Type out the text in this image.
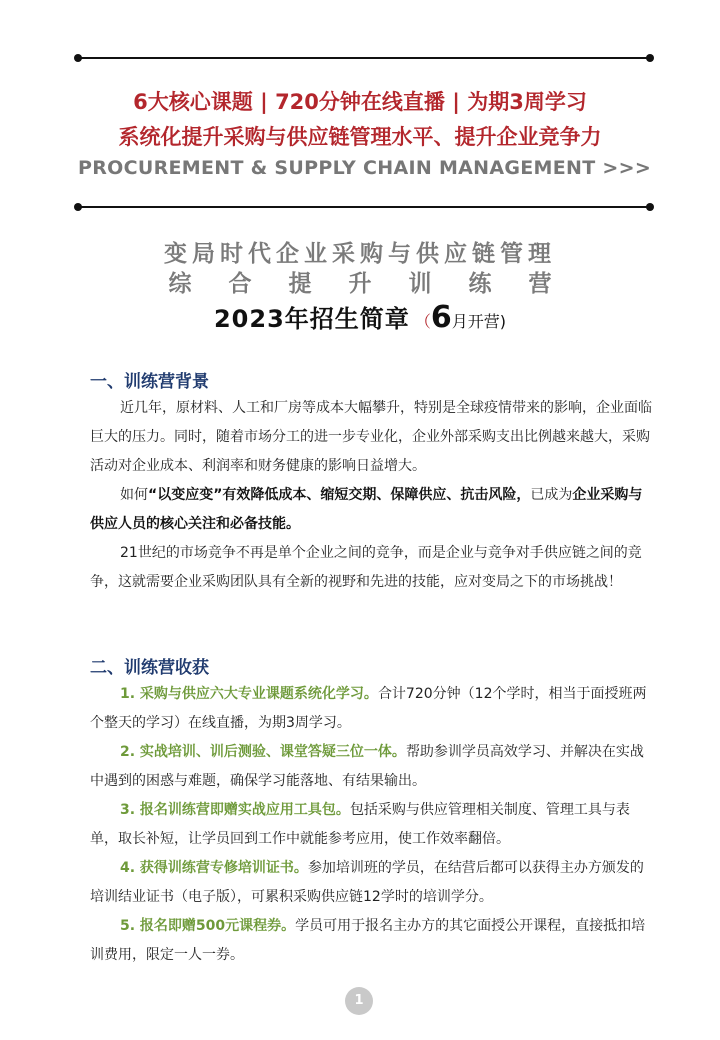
6大核心课题 | 720分钟在线直播 | 为期3周学习
系统化提升采购与供应链管理水平、提升企业竞争力
PROCUREMENT & SUPPLY CHAIN MANAGEMENT >>>
变局时代企业采购与供应链管理
综合提升训练营
2023年招生简章 （6月开营)
一、训练营背景

近几年，原材料、人工和厂房等成本大幅攀升，特别是全球疫情带来的影响，企业面临巨大的压力。同时，随着市场分工的进一步专业化，企业外部采购支出比例越来越大，采购活动对企业成本、利润率和财务健康的影响日益增大。

如何“以变应变”有效降低成本、缩短交期、保障供应、抗击风险，已成为企业采购与供应人员的核心关注和必备技能。

21世纪的市场竞争不再是单个企业之间的竞争，而是企业与竞争对手供应链之间的竞争，这就需要企业采购团队具有全新的视野和先进的技能，应对变局之下的市场挑战！

二、训练营收获

1. 采购与供应六大专业课题系统化学习。合计720分钟（12个学时，相当于面授班两个整天的学习）在线直播，为期3周学习。

2. 实战培训、训后测验、课堂答疑三位一体。帮助参训学员高效学习、并解决在实战中遇到的困惑与难题，确保学习能落地、有结果输出。

3. 报名训练营即赠实战应用工具包。包括采购与供应管理相关制度、管理工具与表单，取长补短，让学员回到工作中就能参考应用，使工作效率翻倍。

4. 获得训练营专修培训证书。参加培训班的学员，在结营后都可以获得主办方颁发的培训结业证书（电子版），可累积采购供应链12学时的培训学分。

5. 报名即赠500元课程券。学员可用于报名主办方的其它面授公开课程，直接抵扣培训费用，限定一人一券。

1
